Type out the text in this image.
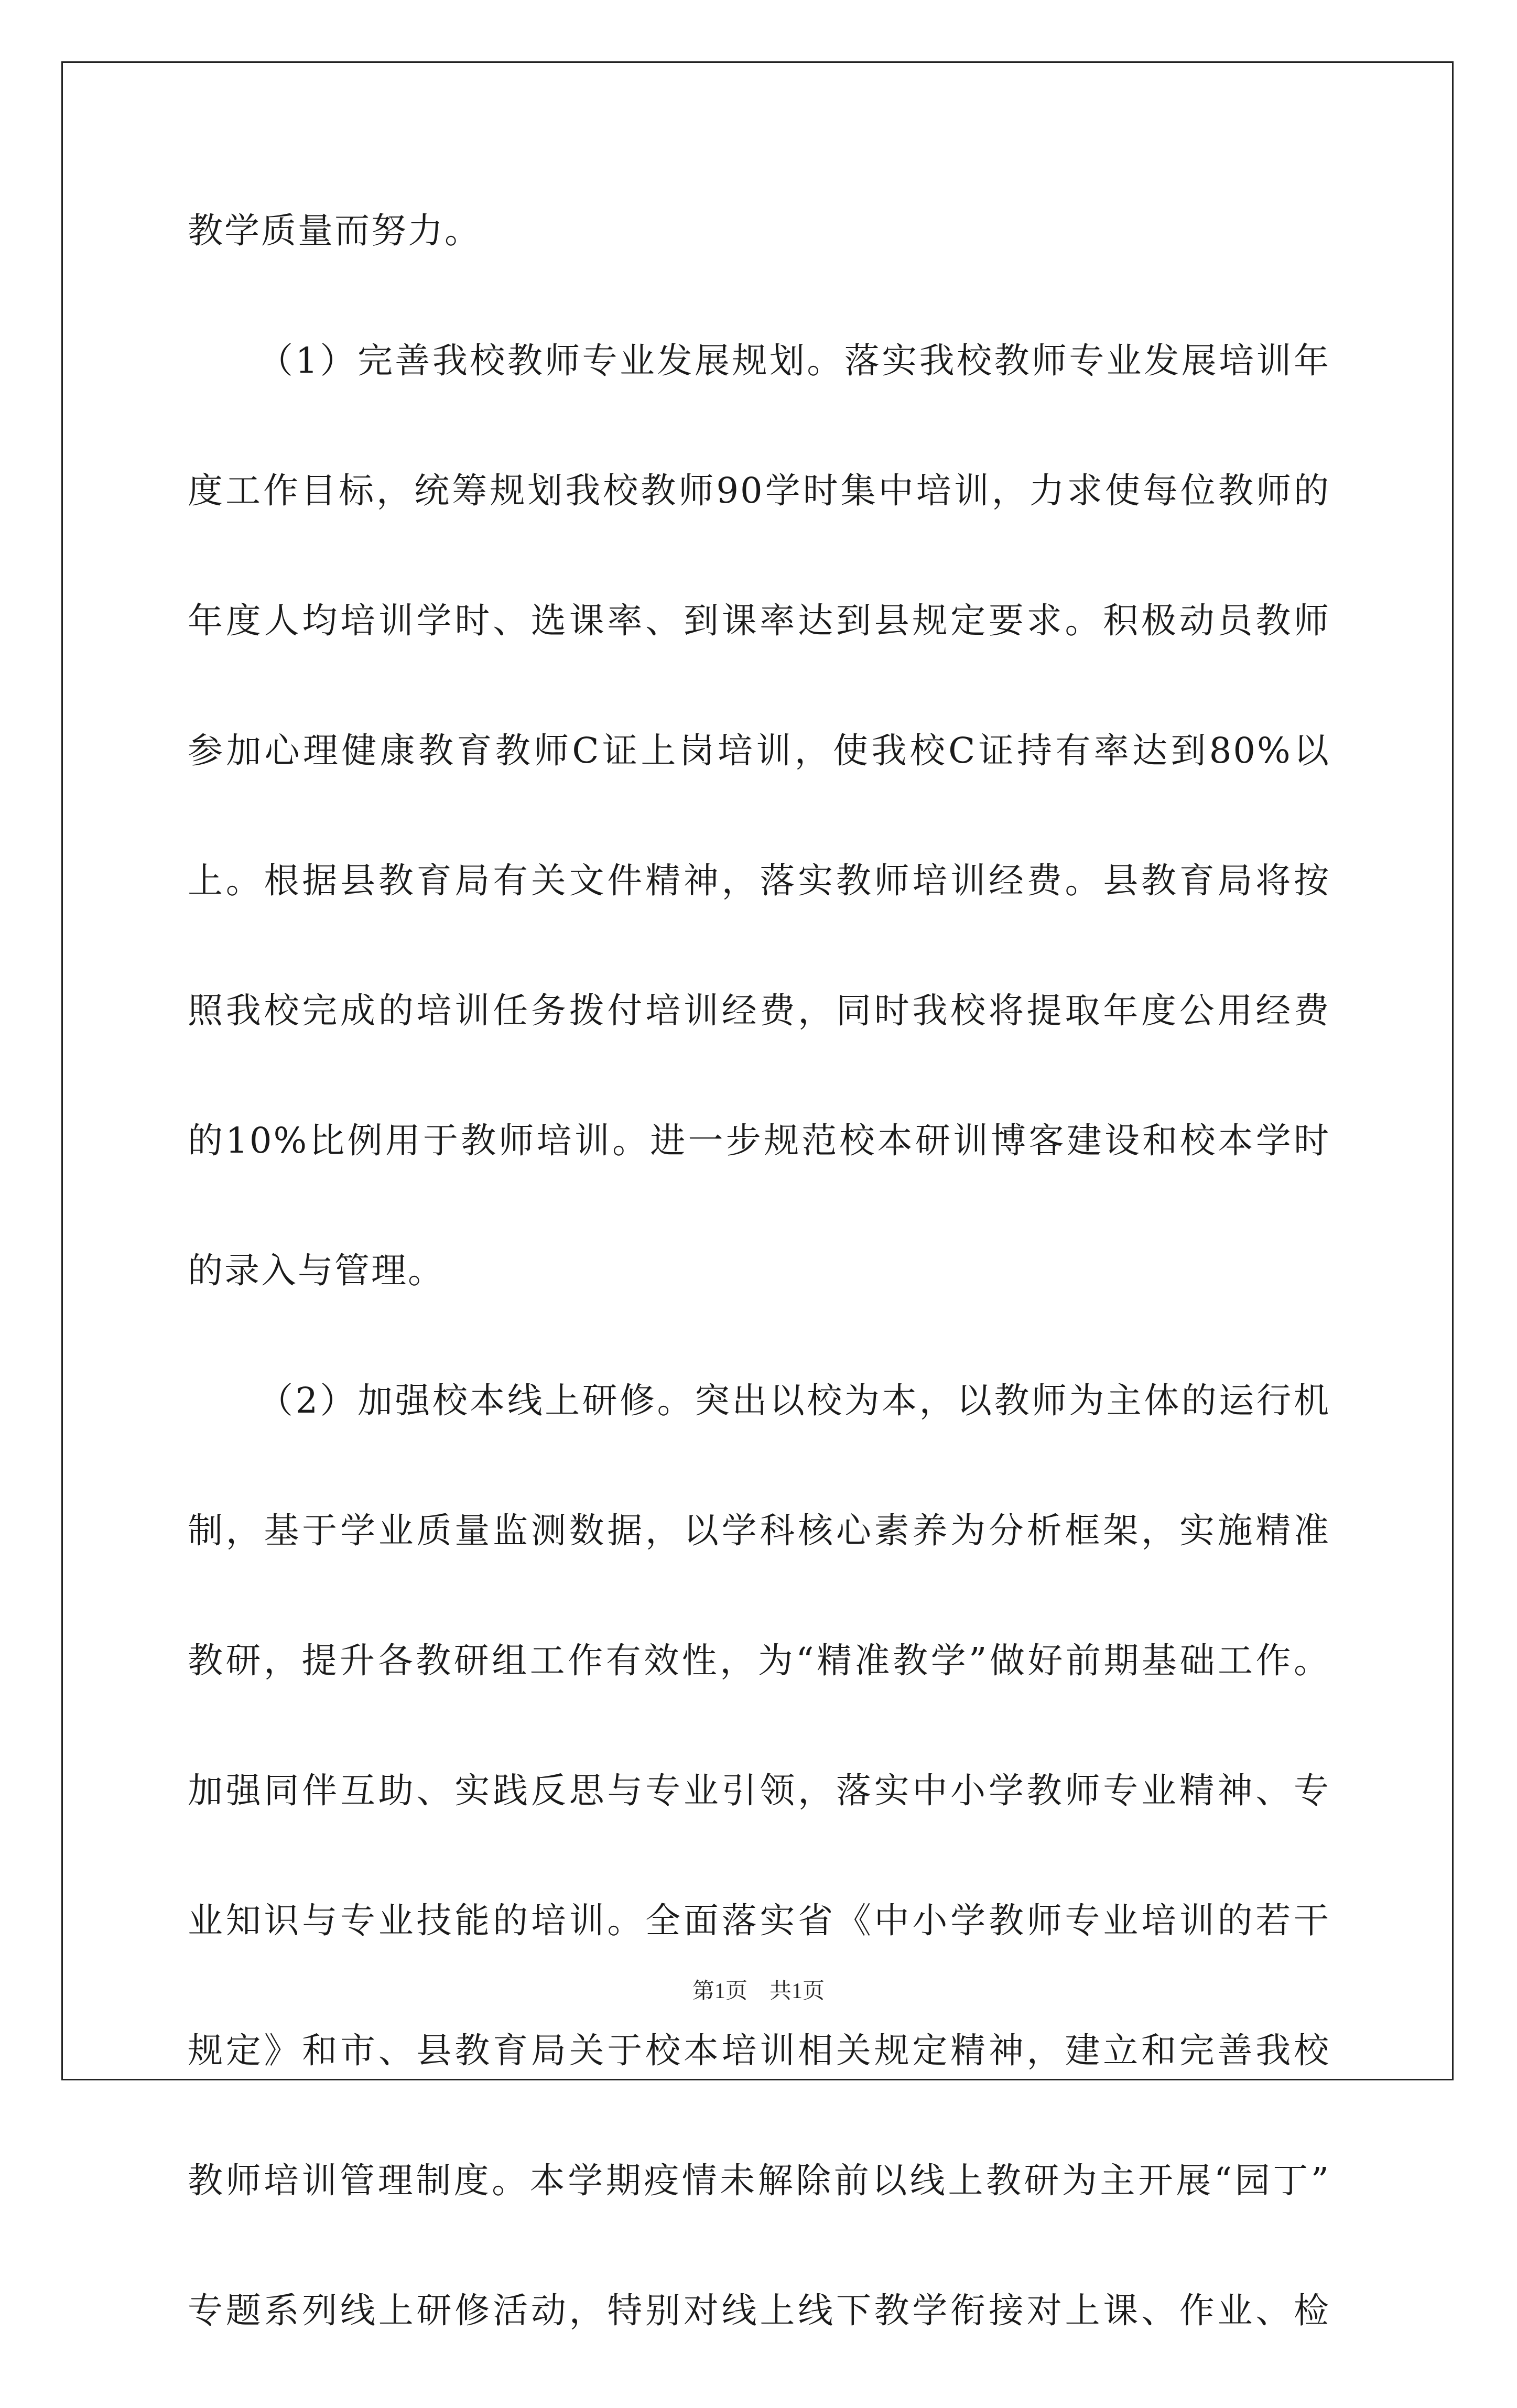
教学质量而努力。
（1）完善我校教师专业发展规划。落实我校教师专业发展培训年
度工作目标，统筹规划我校教师90学时集中培训，力求使每位教师的
年度人均培训学时、选课率、到课率达到县规定要求。积极动员教师
参加心理健康教育教师C证上岗培训，使我校C证持有率达到80%以
上。根据县教育局有关文件精神，落实教师培训经费。县教育局将按
照我校完成的培训任务拨付培训经费，同时我校将提取年度公用经费
的10%比例用于教师培训。进一步规范校本研训博客建设和校本学时
的录入与管理。
（2）加强校本线上研修。突出以校为本，以教师为主体的运行机
制，基于学业质量监测数据，以学科核心素养为分析框架，实施精准
教研，提升各教研组工作有效性，为“精准教学”做好前期基础工作。
加强同伴互助、实践反思与专业引领，落实中小学教师专业精神、专
业知识与专业技能的培训。全面落实省《中小学教师专业培训的若干
规定》和市、县教育局关于校本培训相关规定精神，建立和完善我校
教师培训管理制度。本学期疫情未解除前以线上教研为主开展“园丁”
专题系列线上研修活动，特别对线上线下教学衔接对上课、作业、检
第1页　共1页
